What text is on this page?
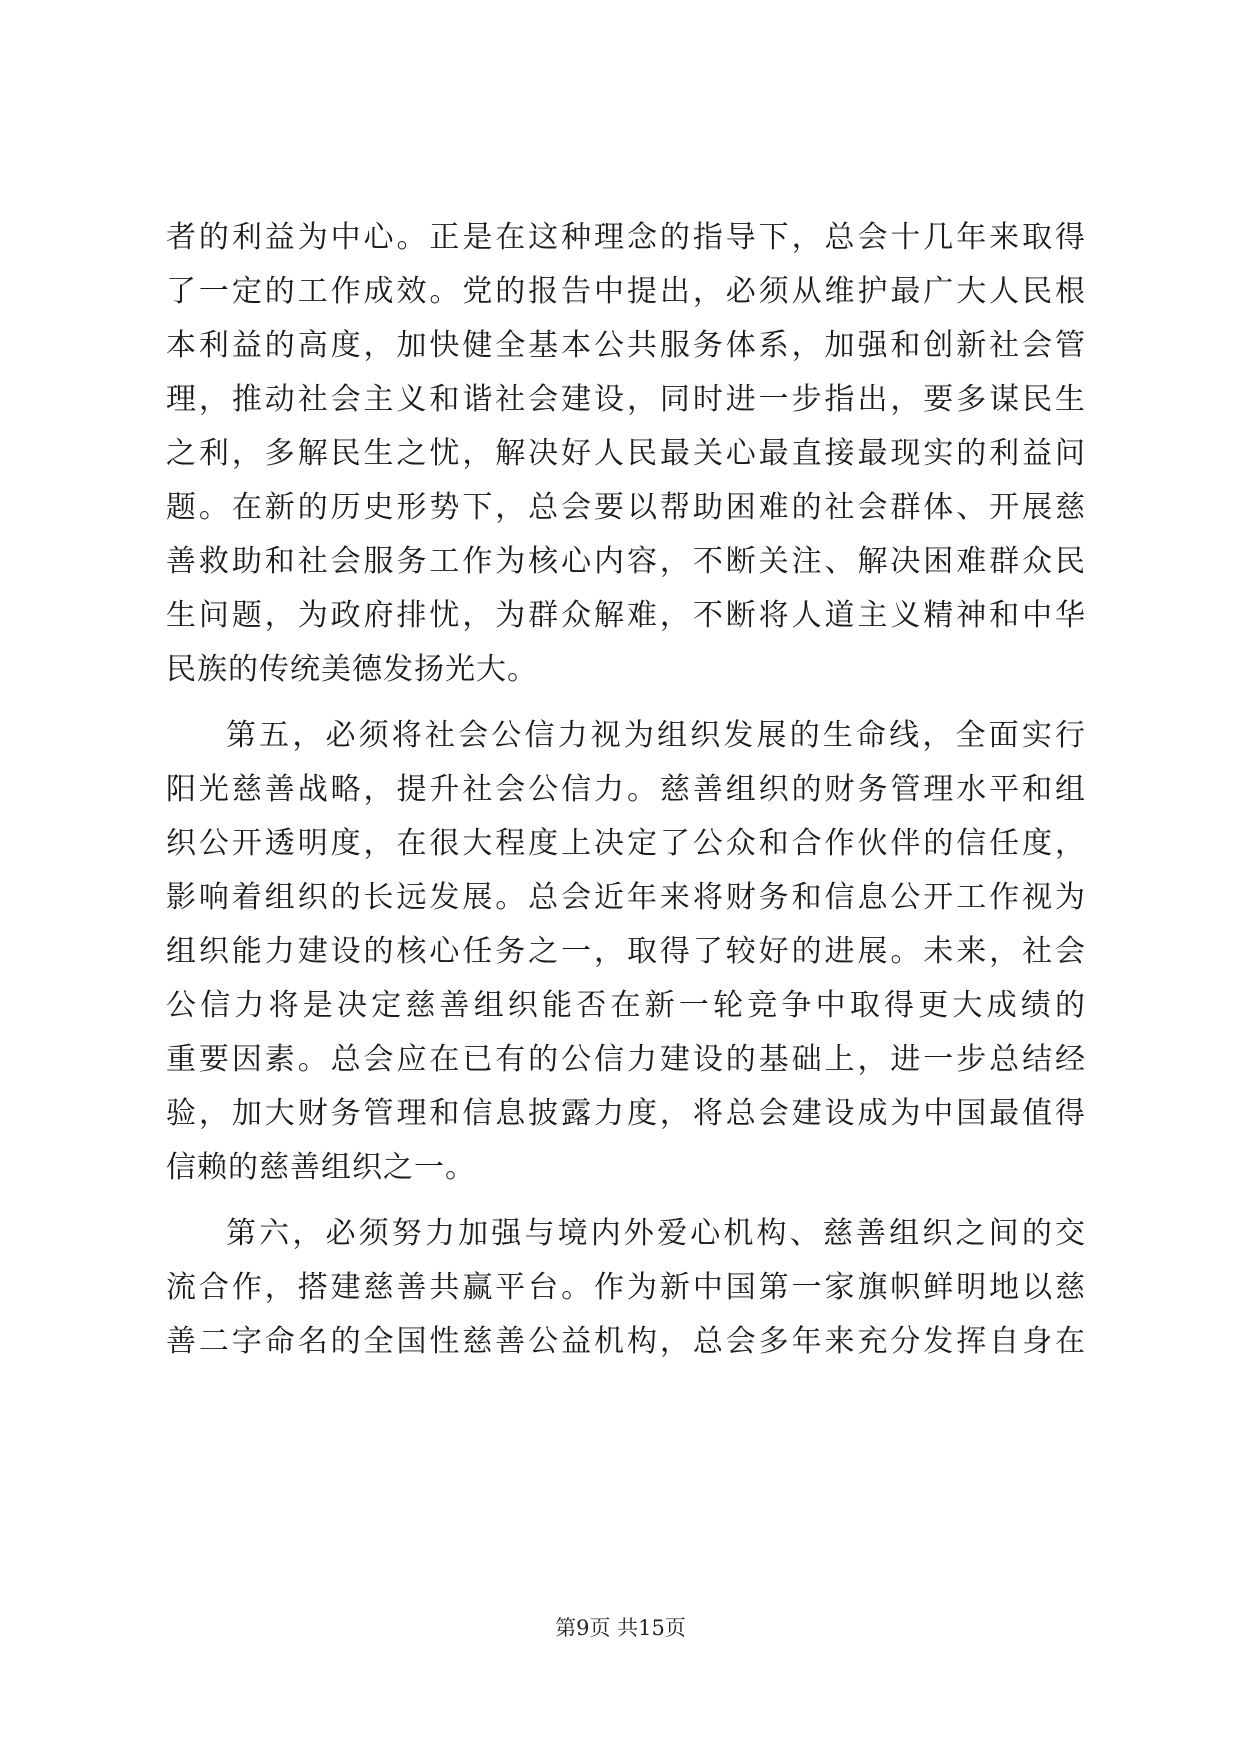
者的利益为中心。正是在这种理念的指导下，总会十几年来取得
了一定的工作成效。党的报告中提出，必须从维护最广大人民根
本利益的高度，加快健全基本公共服务体系，加强和创新社会管
理，推动社会主义和谐社会建设，同时进一步指出，要多谋民生
之利，多解民生之忧，解决好人民最关心最直接最现实的利益问
题。在新的历史形势下，总会要以帮助困难的社会群体、开展慈
善救助和社会服务工作为核心内容，不断关注、解决困难群众民
生问题，为政府排忧，为群众解难，不断将人道主义精神和中华
民族的传统美德发扬光大。
第五，必须将社会公信力视为组织发展的生命线，全面实行
阳光慈善战略，提升社会公信力。慈善组织的财务管理水平和组
织公开透明度，在很大程度上决定了公众和合作伙伴的信任度，
影响着组织的长远发展。总会近年来将财务和信息公开工作视为
组织能力建设的核心任务之一，取得了较好的进展。未来，社会
公信力将是决定慈善组织能否在新一轮竞争中取得更大成绩的
重要因素。总会应在已有的公信力建设的基础上，进一步总结经
验，加大财务管理和信息披露力度，将总会建设成为中国最值得
信赖的慈善组织之一。
第六，必须努力加强与境内外爱心机构、慈善组织之间的交
流合作，搭建慈善共赢平台。作为新中国第一家旗帜鲜明地以慈
善二字命名的全国性慈善公益机构，总会多年来充分发挥自身在
第9页 共15页
